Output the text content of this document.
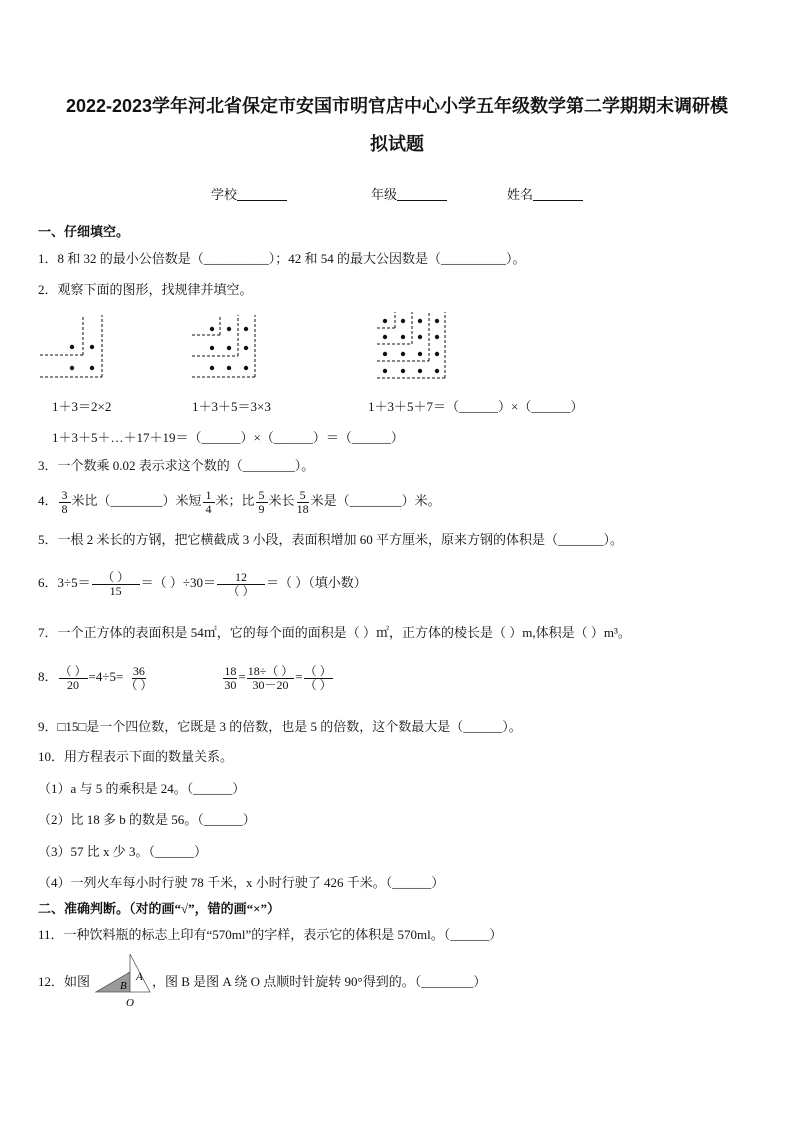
2022-2023学年河北省保定市安国市明官店中心小学五年级数学第二学期期末调研模
拟试题
学校	年级	姓名
一、仔细填空。
1．8 和 32 的最小公倍数是（__________）；42 和 54 的最大公因数是（__________）。
2．观察下面的图形，找规律并填空。
1＋3＝2×2	1＋3＋5＝3×3	1＋3＋5＋7＝（______）×（______）
1＋3＋5＋…＋17＋19＝（______）×（______）＝（______）
3．一个数乘 0.02 表示求这个数的（________）。
4． $\frac{3}{8}$ 米比（________）米短 $\frac{1}{4}$ 米；比 $\frac{5}{9}$ 米长 $\frac{5}{18}$ 米是（________）米。
5．一根 2 米长的方钢，把它横截成 3 小段，表面积增加 60 平方厘米，原来方钢的体积是（_______）。
6．$3\div 5= \frac{( )}{15}$ ＝（ ）$\div 30= \frac{12}{( )}$ ＝（ ）（填小数）
7．一个正方体的表面积是 54㎡，它的每个面的面积是（ ）㎡，正方体的棱长是（ ）m,体积是（ ）m³。
8． $\frac{( )}{20} =4\div 5= \frac{36}{( )}$	$\frac{18}{30} = \frac{18\div( )}{30-20} = \frac{( )}{( )}$
9．□15□是一个四位数，它既是 3 的倍数，也是 5 的倍数，这个数最大是（______）。
10．用方程表示下面的数量关系。
（1）a 与 5 的乘积是 24。（______）
（2）比 18 多 b 的数是 56。（______）
（3）57 比 x 少 3。（______）
（4）一列火车每小时行驶 78 千米，x 小时行驶了 426 千米。（______）
二、准确判断。（对的画“√”，错的画“×”）
11．一种饮料瓶的标志上印有“570ml”的字样，表示它的体积是 570ml。（______）
12．如图	，图 B 是图 A 绕 O 点顺时针旋转 90°得到的。（________）
A
B
O
